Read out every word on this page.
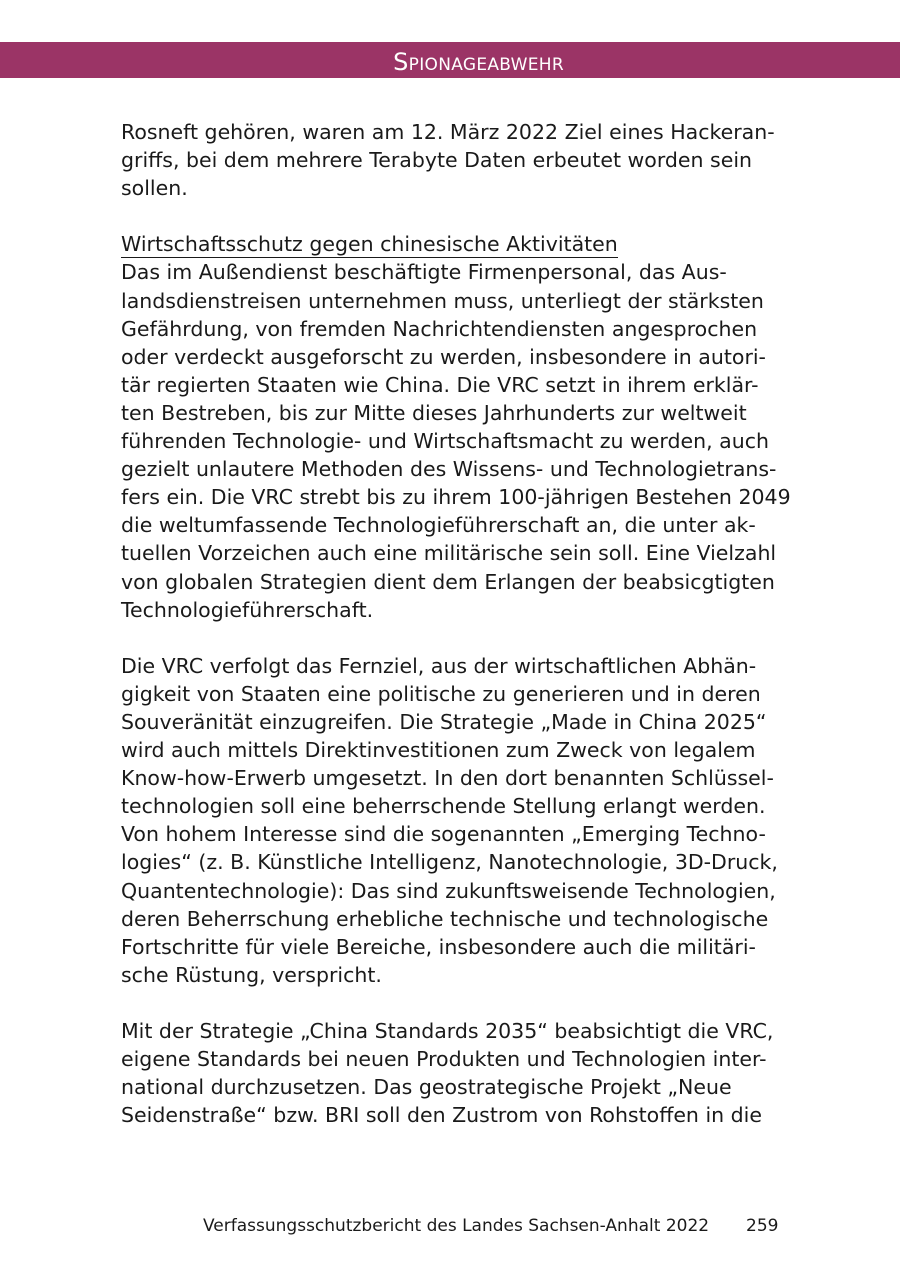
Spionageabwehr

Rosneft gehören, waren am 12. März 2022 Ziel eines Hackeran-

griffs, bei dem mehrere Terabyte Daten erbeutet worden sein

sollen.

Wirtschaftsschutz gegen chinesische Aktivitäten

Das im Außendienst beschäftigte Firmenpersonal, das Aus-

landsdienstreisen unternehmen muss, unterliegt der stärksten

Gefährdung, von fremden Nachrichtendiensten angesprochen

oder verdeckt ausgeforscht zu werden, insbesondere in autori-

tär regierten Staaten wie China. Die VRC setzt in ihrem erklär-

ten Bestreben, bis zur Mitte dieses Jahrhunderts zur weltweit

führenden Technologie- und Wirtschaftsmacht zu werden, auch

gezielt unlautere Methoden des Wissens- und Technologietrans-

fers ein. Die VRC strebt bis zu ihrem 100-jährigen Bestehen 2049

die weltumfassende Technologieführerschaft an, die unter ak-

tuellen Vorzeichen auch eine militärische sein soll. Eine Vielzahl

von globalen Strategien dient dem Erlangen der beabsicgtigten

Technologieführerschaft.

Die VRC verfolgt das Fernziel, aus der wirtschaftlichen Abhän-

gigkeit von Staaten eine politische zu generieren und in deren

Souveränität einzugreifen. Die Strategie „Made in China 2025“

wird auch mittels Direktinvestitionen zum Zweck von legalem

Know-how-Erwerb umgesetzt. In den dort benannten Schlüssel-

technologien soll eine beherrschende Stellung erlangt werden.

Von hohem Interesse sind die sogenannten „Emerging Techno-

logies“ (z. B. Künstliche Intelligenz, Nanotechnologie, 3D-Druck,

Quantentechnologie): Das sind zukunftsweisende Technologien,

deren Beherrschung erhebliche technische und technologische

Fortschritte für viele Bereiche, insbesondere auch die militäri-

sche Rüstung, verspricht.

Mit der Strategie „China Standards 2035“ beabsichtigt die VRC,

eigene Standards bei neuen Produkten und Technologien inter-

national durchzusetzen. Das geostrategische Projekt „Neue

Seidenstraße“ bzw. BRI soll den Zustrom von Rohstoffen in die

Verfassungsschutzbericht des Landes Sachsen-Anhalt 2022 259
